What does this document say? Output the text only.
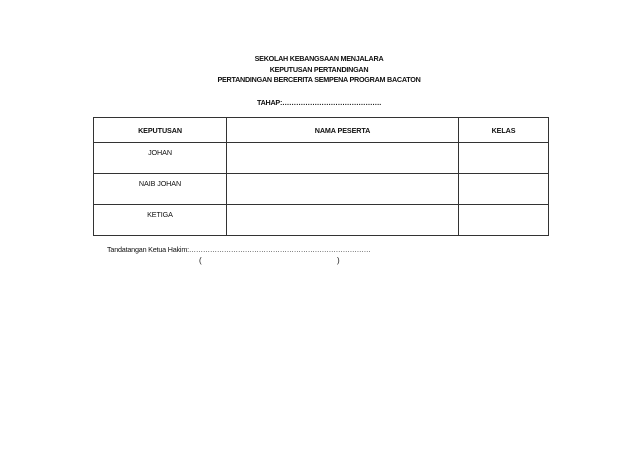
SEKOLAH KEBANGSAAN MENJALARA
KEPUTUSAN PERTANDINGAN
PERTANDINGAN BERCERITA SEMPENA PROGRAM BACATON
TAHAP:…………………………………….
KEPUTUSAN	NAMA PESERTA	KELAS
JOHAN		
NAIB JOHAN		
KETIGA		
Tandatangan Ketua Hakim:……………………………………………………………………
(	)
